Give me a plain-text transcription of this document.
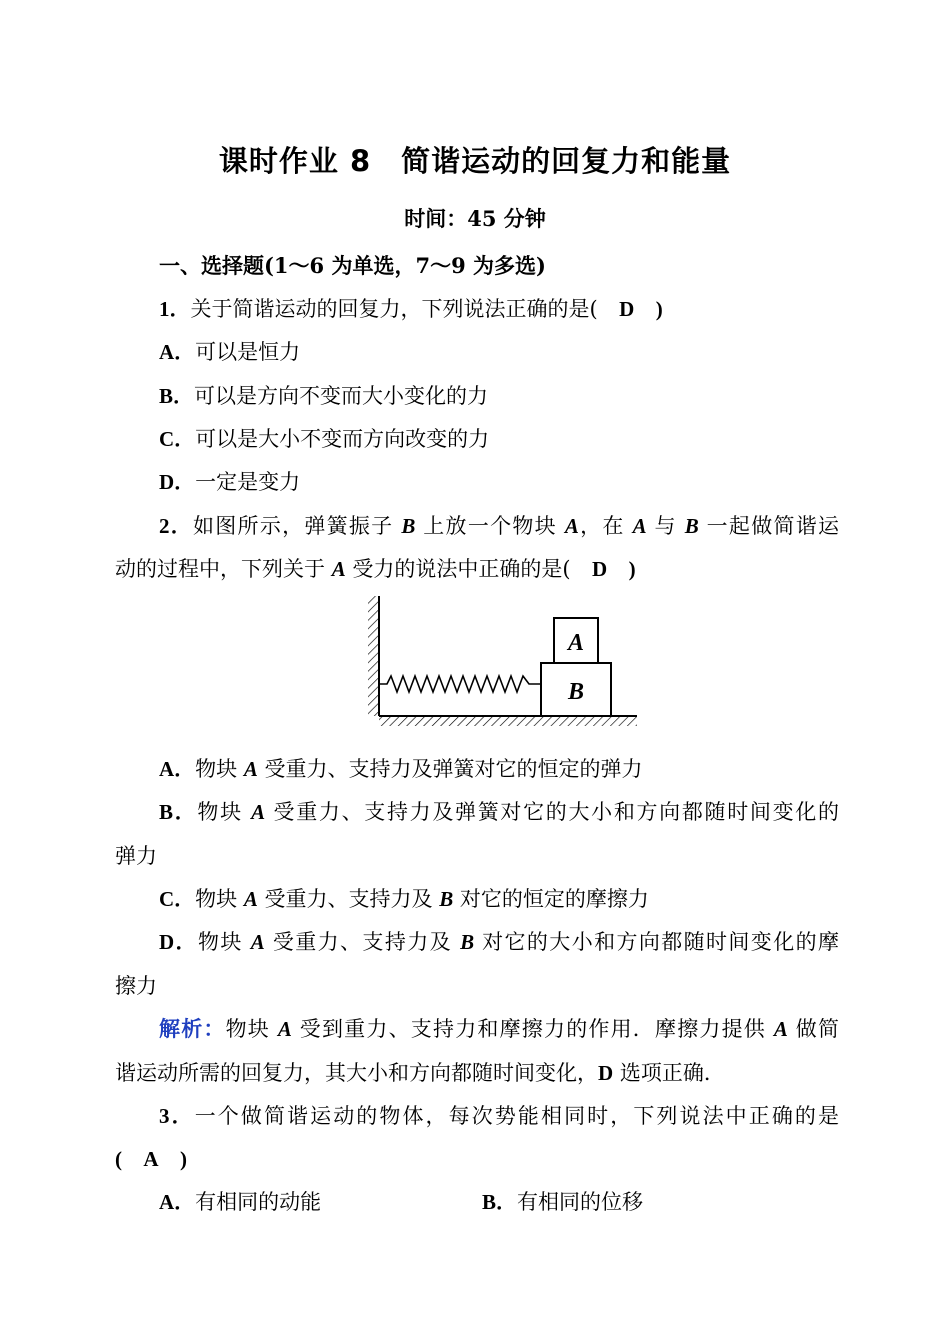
课时作业 8　简谐运动的回复力和能量
时间：45 分钟
一、选择题(1～6 为单选，7～9 为多选)
1．关于简谐运动的回复力，下列说法正确的是( D )
A．可以是恒力
B．可以是方向不变而大小变化的力
C．可以是大小不变而方向改变的力
D．一定是变力
2．如图所示，弹簧振子 B 上放一个物块 A，在 A 与 B 一起做简谐运
动的过程中，下列关于 A 受力的说法中正确的是( D )
A
B
A．物块 A 受重力、支持力及弹簧对它的恒定的弹力
B．物块 A 受重力、支持力及弹簧对它的大小和方向都随时间变化的
弹力
C．物块 A 受重力、支持力及 B 对它的恒定的摩擦力
D．物块 A 受重力、支持力及 B 对它的大小和方向都随时间变化的摩
擦力
解析：物块 A 受到重力、支持力和摩擦力的作用．摩擦力提供 A 做简
谐运动所需的回复力，其大小和方向都随时间变化，D 选项正确．
3．一个做简谐运动的物体，每次势能相同时，下列说法中正确的是
( A )
A．有相同的动能	B．有相同的位移
